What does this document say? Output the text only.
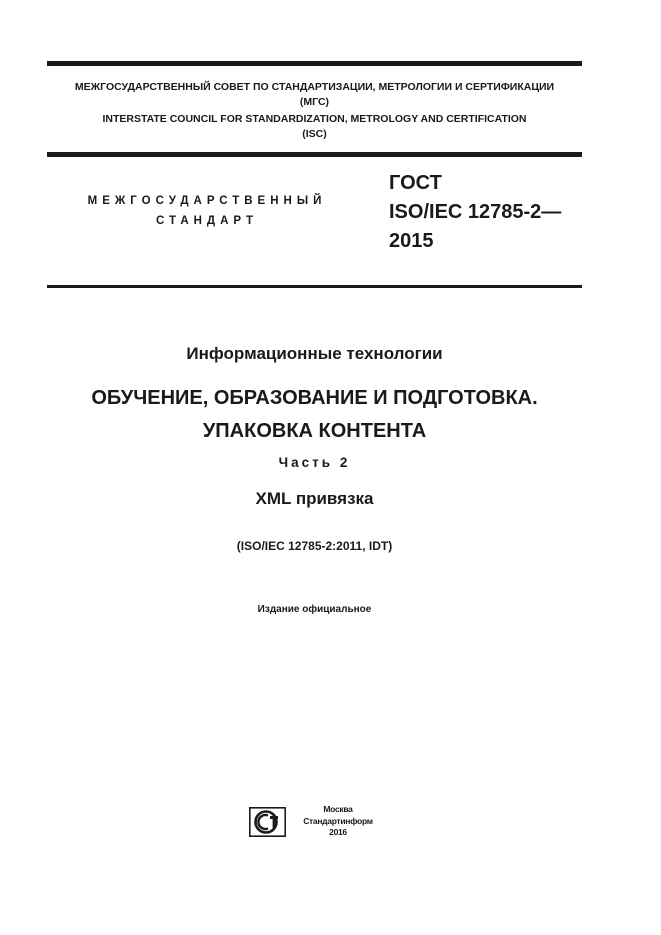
МЕЖГОСУДАРСТВЕННЫЙ СОВЕТ ПО СТАНДАРТИЗАЦИИ, МЕТРОЛОГИИ И СЕРТИФИКАЦИИ
(МГС)
INTERSTATE COUNCIL FOR STANDARDIZATION, METROLOGY AND CERTIFICATION
(ISC)
МЕЖГОСУДАРСТВЕННЫЙ
СТАНДАРТ
ГОСТ
ISO/IEC 12785-2—
2015
Информационные технологии
ОБУЧЕНИЕ, ОБРАЗОВАНИЕ И ПОДГОТОВКА.
УПАКОВКА КОНТЕНТА
Часть 2
XML привязка
(ISO/IEC 12785-2:2011, IDT)
Издание официальное
Москва
Стандартинформ
2016
